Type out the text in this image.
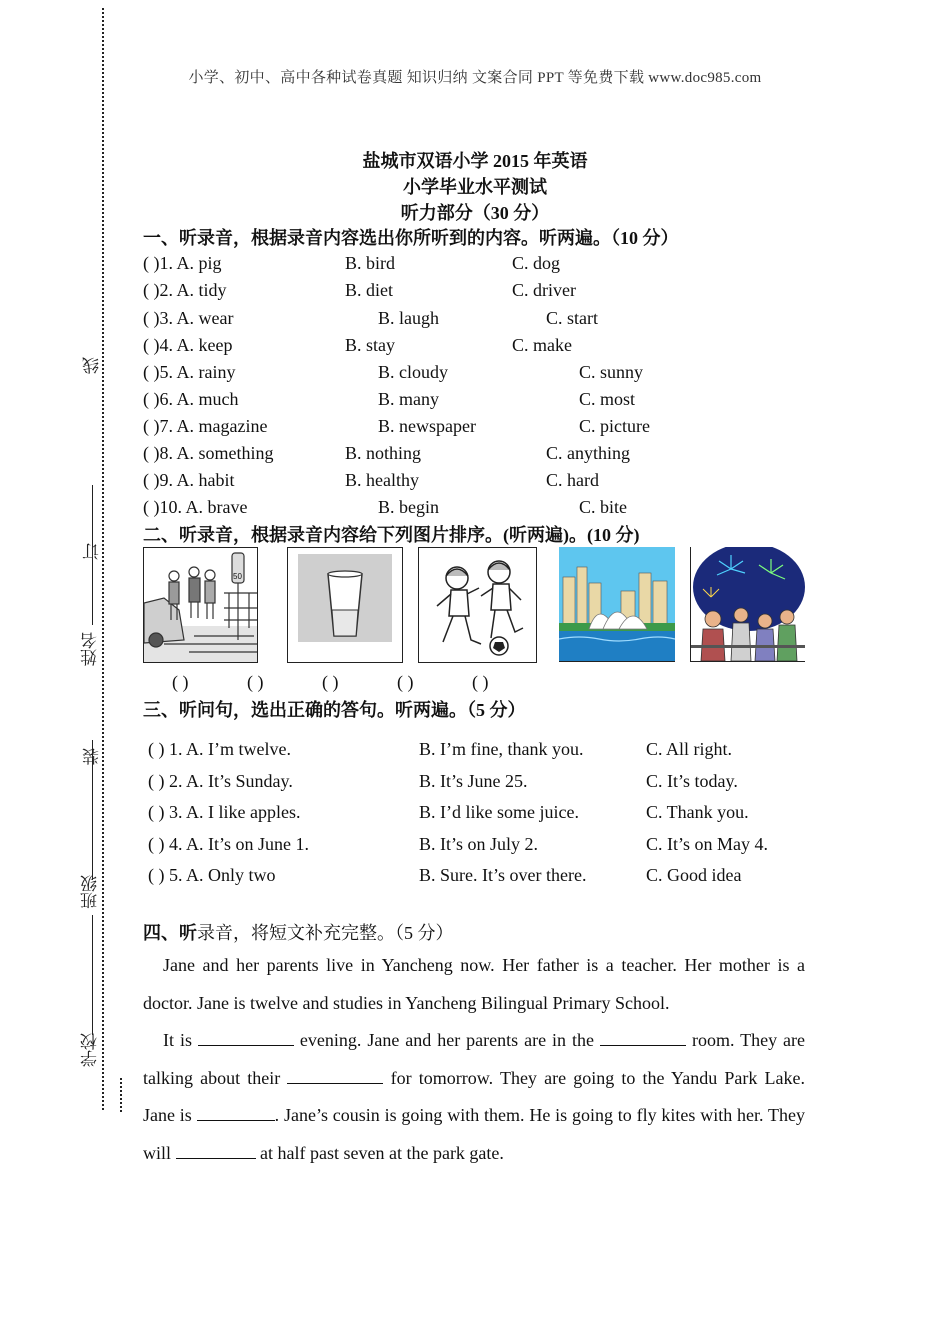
小学、初中、高中各种试卷真题 知识归纳 文案合同 PPT 等免费下载 www.doc985.com
线
订
姓名
装
班级
学校
盐城市双语小学 2015 年英语
小学毕业水平测试
听力部分（30 分）
一、听录音，根据录音内容选出你所听到的内容。听两遍。（10 分）
( )1. A. pig	B. bird	C. dog
( )2. A. tidy	B. diet	C. driver
( )3. A. wear	B. laugh	C. start
( )4. A. keep	B. stay	C. make
( )5. A. rainy	B. cloudy	C. sunny
( )6. A. much	B. many	C. most
( )7. A. magazine	B. newspaper	C. picture
( )8. A. something	B. nothing	C. anything
( )9. A. habit	B. healthy	C. hard
( )10. A. brave	B. begin	C. bite
二、听录音，根据录音内容给下列图片排序。(听两遍)。(10 分)
50
( )	( )	( )	( )	( )
三、听问句，选出正确的答句。听两遍。（5 分）
( ) 1. A. I’m twelve.	B. I’m fine, thank you.	C. All right.
( ) 2. A. It’s Sunday.	B. It’s June 25.	C. It’s today.
( ) 3. A. I like apples.	B. I’d like some juice.	C. Thank you.
( ) 4. A. It’s on June 1.	B. It’s on July 2.	C. It’s on May 4.
( ) 5. A. Only two	B. Sure. It’s over there.	C. Good idea
四、听录音，将短文补充完整。（5 分）

Jane and her parents live in Yancheng now. Her father is a teacher. Her mother is a doctor. Jane is twelve and studies in Yancheng Bilingual Primary School.

It is	evening. Jane and her parents are in the	room. They are talking about their	for tomorrow. They are going to the Yandu Park Lake. Jane is	. Jane’s cousin is going with them. He is going to fly kites with her. They will	at half past seven at the park gate.
